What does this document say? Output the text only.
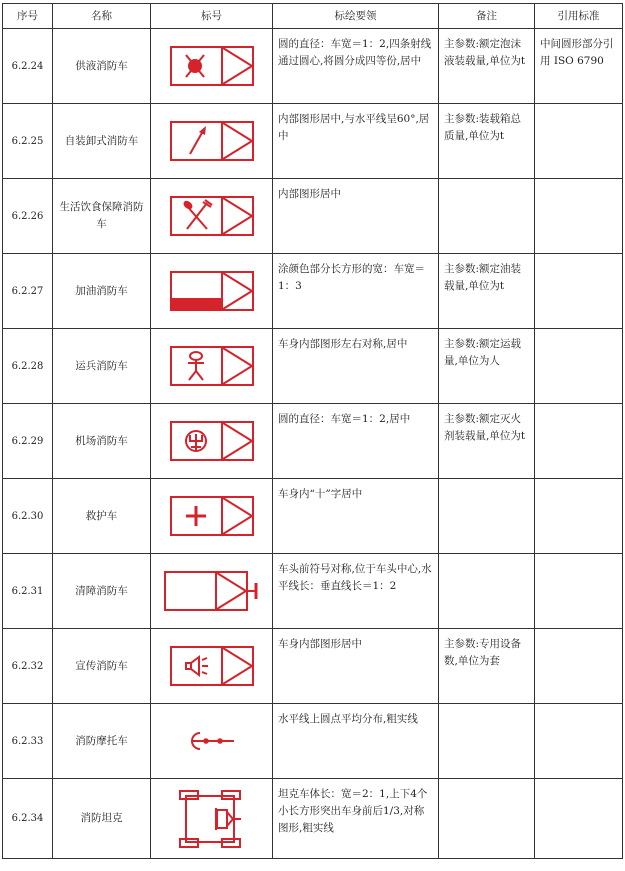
序号	名称	标号	标绘要领	备注	引用标准
6.2.24	供液消防车		圆的直径：车宽＝1：2,四条射线通过圆心,将圆分成四等份,居中	主参数:额定泡沫液装载量,单位为t	中间圆形部分引用 ISO 6790
6.2.25	自装卸式消防车		内部图形居中,与水平线呈60°,居中	主参数:装载箱总质量,单位为t	
6.2.26	生活饮食保障消防车		内部图形居中		
6.2.27	加油消防车		涂颜色部分长方形的宽：车宽＝1：3	主参数:额定油装载量,单位为t	
6.2.28	运兵消防车		车身内部图形左右对称,居中	主参数:额定运载量,单位为人	
6.2.29	机场消防车		圆的直径：车宽＝1：2,居中	主参数:额定灭火剂装载量,单位为t	
6.2.30	救护车		车身内“十”字居中		
6.2.31	清障消防车		车头前符号对称,位于车头中心,水平线长：垂直线长＝1：2		
6.2.32	宣传消防车		车身内部图形居中	主参数:专用设备数,单位为套	
6.2.33	消防摩托车		水平线上圆点平均分布,粗实线		
6.2.34	消防坦克		坦克车体长：宽＝2：1,上下4个小长方形突出车身前后1/3,对称图形,粗实线		
